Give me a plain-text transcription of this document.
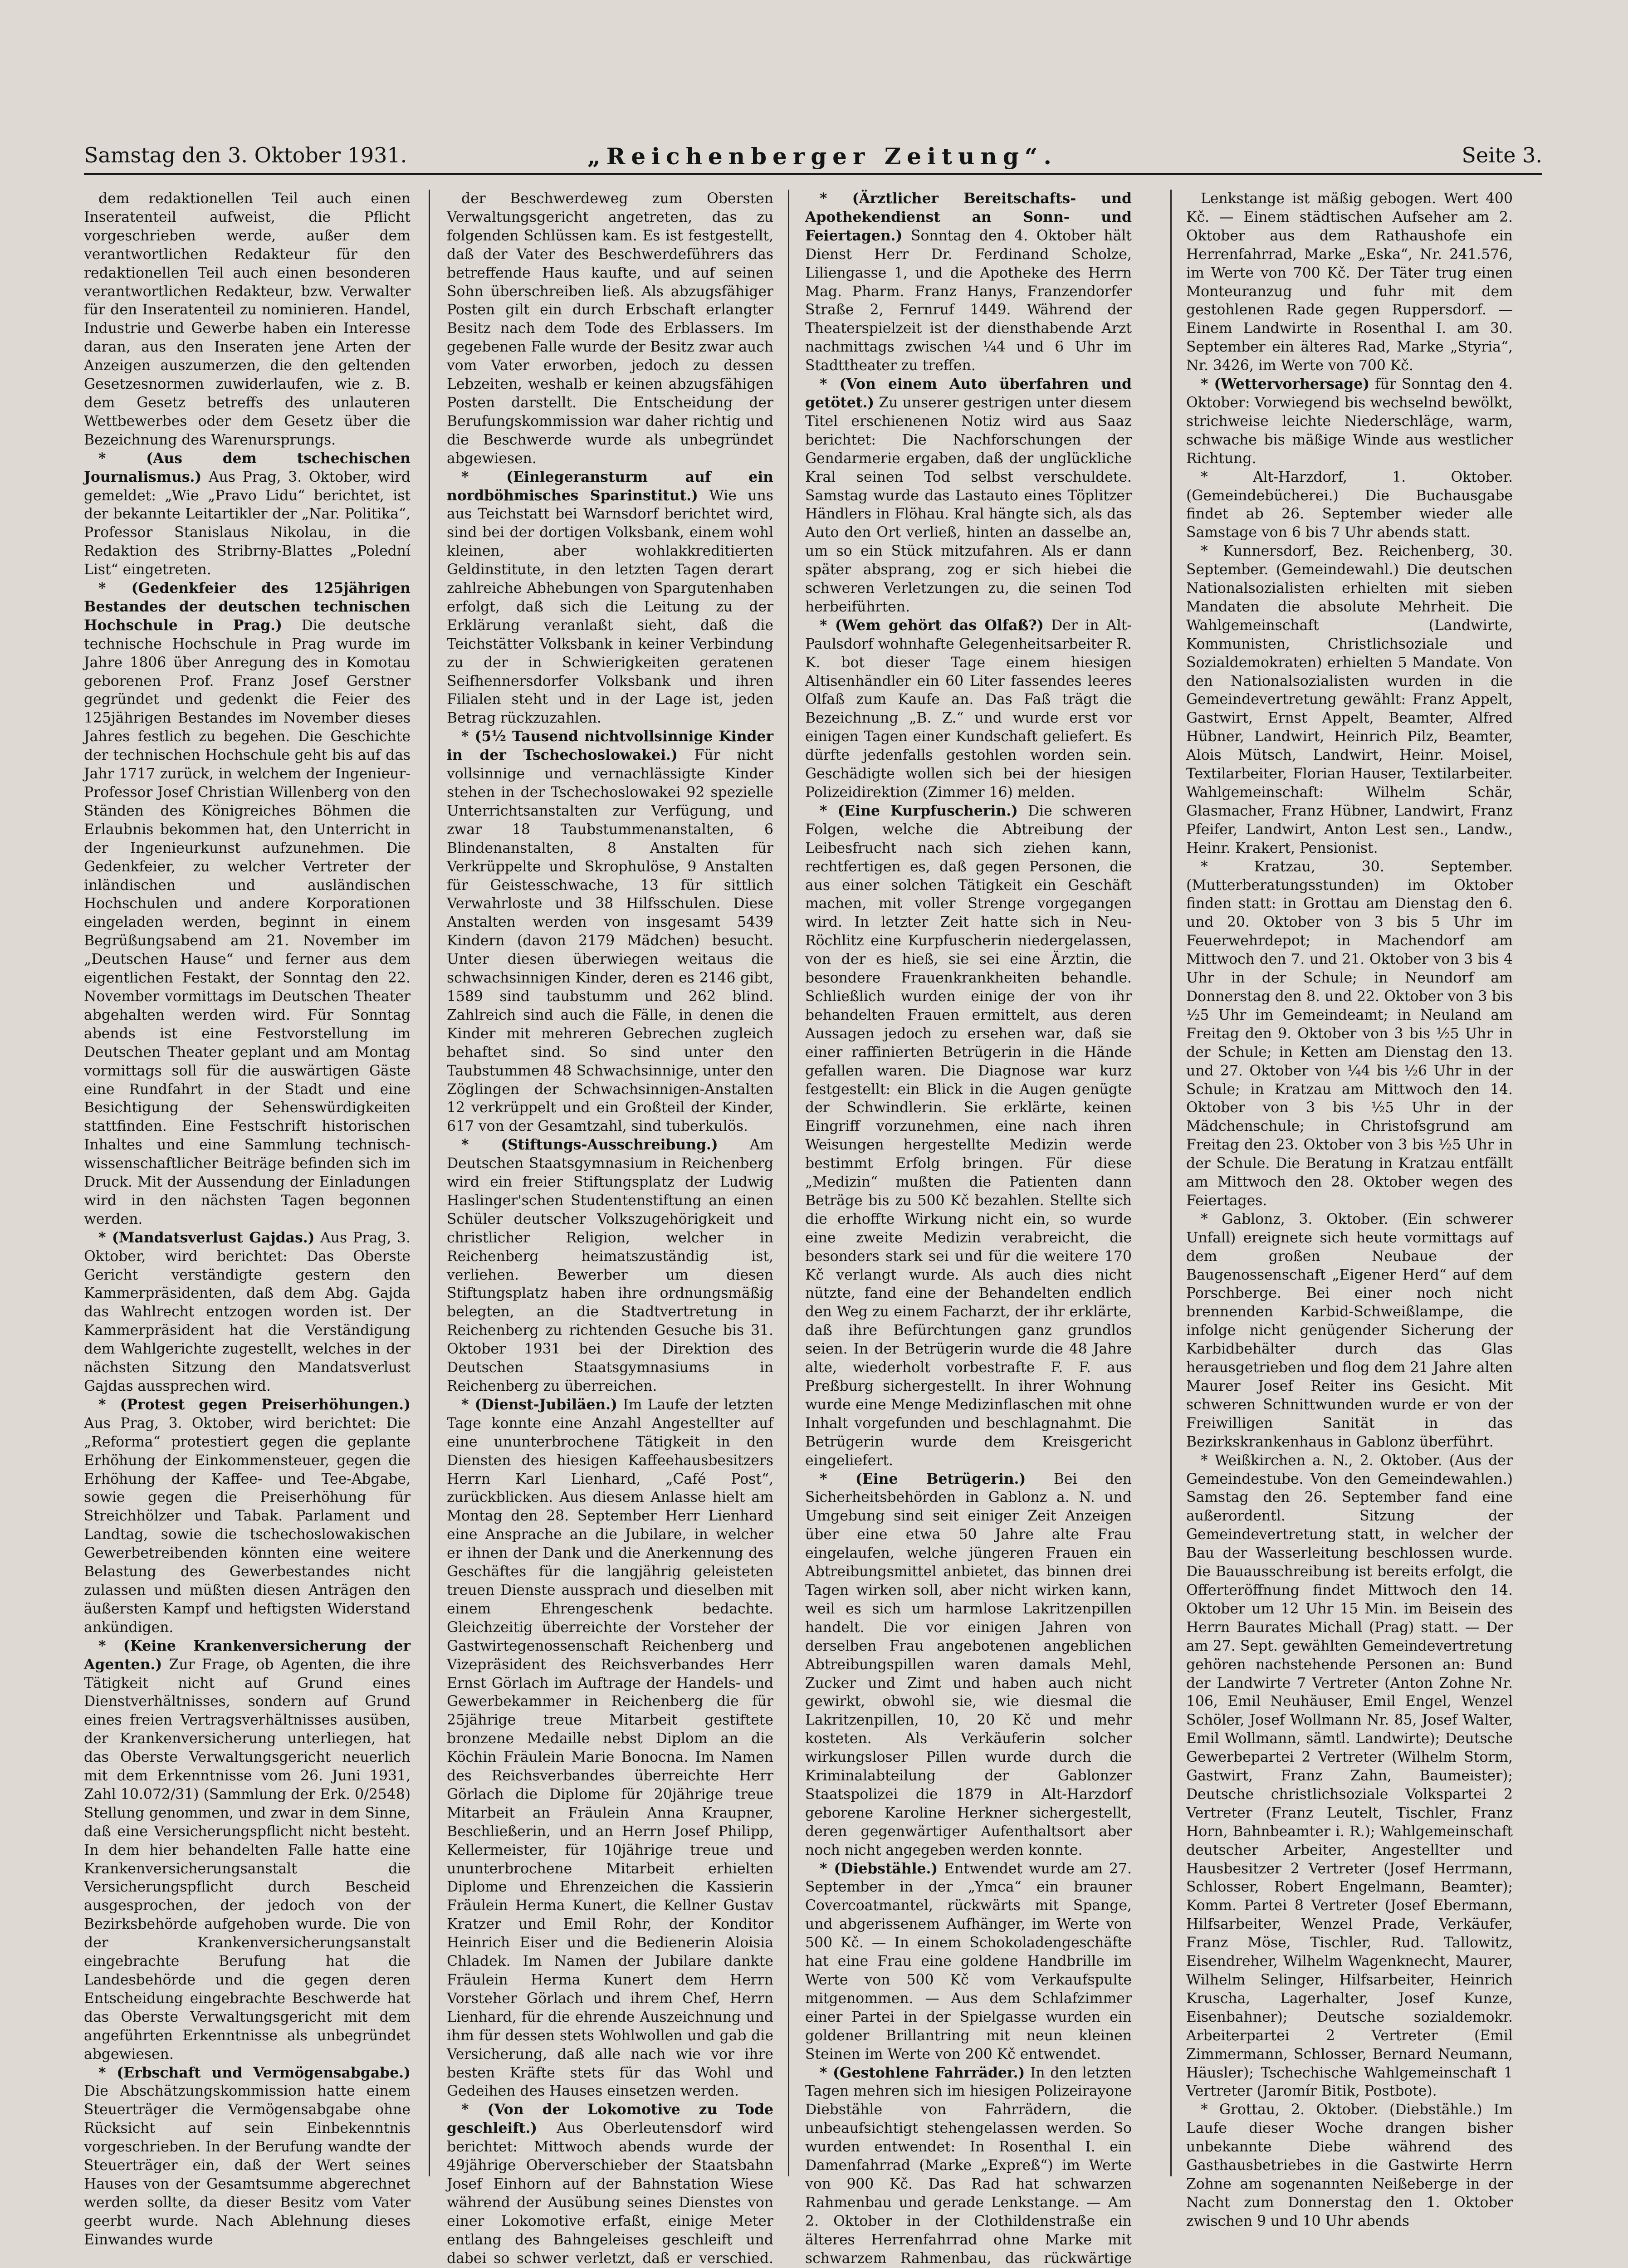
Samstag den 3. Oktober 1931.	„Reichenberger Zeitung“.	Seite 3.

dem redaktionellen Teil auch einen Inseratenteil aufweist, die Pflicht vorgeschrieben werde, außer dem verantwortlichen Redakteur für den redaktionellen Teil auch einen besonderen verantwortlichen Redakteur, bzw. Verwalter für den Inseratenteil zu nominieren. Handel, Industrie und Gewerbe haben ein Interesse daran, aus den Inseraten jene Arten der Anzeigen auszumerzen, die den geltenden Gesetzesnormen zuwiderlaufen, wie z. B. dem Gesetz betreffs des unlauteren Wettbewerbes oder dem Gesetz über die Bezeichnung des Warenursprungs.

* (Aus dem tschechischen Journalismus.) Aus Prag, 3. Oktober, wird gemeldet: „Wie „Pravo Lidu“ berichtet, ist der bekannte Leitartikler der „Nar. Politika“, Professor Stanislaus Nikolau, in die Redaktion des Stribrny-Blattes „Polední List“ eingetreten.

* (Gedenkfeier des 125jährigen Bestandes der deutschen technischen Hochschule in Prag.) Die deutsche technische Hochschule in Prag wurde im Jahre 1806 über Anregung des in Komotau geborenen Prof. Franz Josef Gerstner gegründet und gedenkt die Feier des 125jährigen Bestandes im November dieses Jahres festlich zu begehen. Die Geschichte der technischen Hochschule geht bis auf das Jahr 1717 zurück, in welchem der Ingenieur-Professor Josef Christian Willenberg von den Ständen des Königreiches Böhmen die Erlaubnis bekommen hat, den Unterricht in der Ingenieurkunst aufzunehmen. Die Gedenkfeier, zu welcher Vertreter der inländischen und ausländischen Hochschulen und andere Korporationen eingeladen werden, beginnt in einem Begrüßungsabend am 21. November im „Deutschen Hause“ und ferner aus dem eigentlichen Festakt, der Sonntag den 22. November vormittags im Deutschen Theater abgehalten werden wird. Für Sonntag abends ist eine Festvorstellung im Deutschen Theater geplant und am Montag vormittags soll für die auswärtigen Gäste eine Rundfahrt in der Stadt und eine Besichtigung der Sehenswürdigkeiten stattfinden. Eine Festschrift historischen Inhaltes und eine Sammlung technisch-wissenschaftlicher Beiträge befinden sich im Druck. Mit der Aussendung der Einladungen wird in den nächsten Tagen begonnen werden.

* (Mandatsverlust Gajdas.) Aus Prag, 3. Oktober, wird berichtet: Das Oberste Gericht verständigte gestern den Kammerpräsidenten, daß dem Abg. Gajda das Wahlrecht entzogen worden ist. Der Kammerpräsident hat die Verständigung dem Wahlgerichte zugestellt, welches in der nächsten Sitzung den Mandatsverlust Gajdas aussprechen wird.

* (Protest gegen Preiserhöhungen.) Aus Prag, 3. Oktober, wird berichtet: Die „Reforma“ protestiert gegen die geplante Erhöhung der Einkommensteuer, gegen die Erhöhung der Kaffee- und Tee-Abgabe, sowie gegen die Preiserhöhung für Streichhölzer und Tabak. Parlament und Landtag, sowie die tschechoslowakischen Gewerbetreibenden könnten eine weitere Belastung des Gewerbestandes nicht zulassen und müßten diesen Anträgen den äußersten Kampf und heftigsten Widerstand ankündigen.

* (Keine Krankenversicherung der Agenten.) Zur Frage, ob Agenten, die ihre Tätigkeit nicht auf Grund eines Dienstverhältnisses, sondern auf Grund eines freien Vertragsverhältnisses ausüben, der Krankenversicherung unterliegen, hat das Oberste Verwaltungsgericht neuerlich mit dem Erkenntnisse vom 26. Juni 1931, Zahl 10.072/31) (Sammlung der Erk. 0/2548) Stellung genommen, und zwar in dem Sinne, daß eine Versicherungspflicht nicht besteht. In dem hier behandelten Falle hatte eine Krankenversicherungsanstalt die Versicherungspflicht durch Bescheid ausgesprochen, der jedoch von der Bezirksbehörde aufgehoben wurde. Die von der Krankenversicherungsanstalt eingebrachte Berufung hat die Landesbehörde und die gegen deren Entscheidung eingebrachte Beschwerde hat das Oberste Verwaltungsgericht mit dem angeführten Erkenntnisse als unbegründet abgewiesen.

* (Erbschaft und Vermögensabgabe.) Die Abschätzungskommission hatte einem Steuerträger die Vermögensabgabe ohne Rücksicht auf sein Einbekenntnis vorgeschrieben. In der Berufung wandte der Steuerträger ein, daß der Wert seines Hauses von der Gesamtsumme abgerechnet werden sollte, da dieser Besitz vom Vater geerbt wurde. Nach Ablehnung dieses Einwandes wurde

der Beschwerdeweg zum Obersten Verwaltungsgericht angetreten, das zu folgenden Schlüssen kam. Es ist festgestellt, daß der Vater des Beschwerdeführers das betreffende Haus kaufte, und auf seinen Sohn überschreiben ließ. Als abzugsfähiger Posten gilt ein durch Erbschaft erlangter Besitz nach dem Tode des Erblassers. Im gegebenen Falle wurde der Besitz zwar auch vom Vater erworben, jedoch zu dessen Lebzeiten, weshalb er keinen abzugsfähigen Posten darstellt. Die Entscheidung der Berufungskommission war daher richtig und die Beschwerde wurde als unbegründet abgewiesen.

* (Einlegeransturm auf ein nordböhmisches Sparinstitut.) Wie uns aus Teichstatt bei Warnsdorf berichtet wird, sind bei der dortigen Volksbank, einem wohl kleinen, aber wohlakkreditierten Geldinstitute, in den letzten Tagen derart zahlreiche Abhebungen von Spargutenhaben erfolgt, daß sich die Leitung zu der Erklärung veranlaßt sieht, daß die Teichstätter Volksbank in keiner Verbindung zu der in Schwierigkeiten geratenen Seifhennersdorfer Volksbank und ihren Filialen steht und in der Lage ist, jeden Betrag rückzuzahlen.

* (5½ Tausend nichtvollsinnige Kinder in der Tschechoslowakei.) Für nicht vollsinnige und vernachlässigte Kinder stehen in der Tschechoslowakei 92 spezielle Unterrichtsanstalten zur Verfügung, und zwar 18 Taubstummenanstalten, 6 Blindenanstalten, 8 Anstalten für Verkrüppelte und Skrophulöse, 9 Anstalten für Geistesschwache, 13 für sittlich Verwahrloste und 38 Hilfsschulen. Diese Anstalten werden von insgesamt 5439 Kindern (davon 2179 Mädchen) besucht. Unter diesen überwiegen weitaus die schwachsinnigen Kinder, deren es 2146 gibt, 1589 sind taubstumm und 262 blind. Zahlreich sind auch die Fälle, in denen die Kinder mit mehreren Gebrechen zugleich behaftet sind. So sind unter den Taubstummen 48 Schwachsinnige, unter den Zöglingen der Schwachsinnigen-Anstalten 12 verkrüppelt und ein Großteil der Kinder, 617 von der Gesamtzahl, sind tuberkulös.

* (Stiftungs-Ausschreibung.) Am Deutschen Staatsgymnasium in Reichenberg wird ein freier Stiftungsplatz der Ludwig Haslinger'schen Studentenstiftung an einen Schüler deutscher Volkszugehörigkeit und christlicher Religion, welcher in Reichenberg heimatszuständig ist, verliehen. Bewerber um diesen Stiftungsplatz haben ihre ordnungsmäßig belegten, an die Stadtvertretung in Reichenberg zu richtenden Gesuche bis 31. Oktober 1931 bei der Direktion des Deutschen Staatsgymnasiums in Reichenberg zu überreichen.

* (Dienst-Jubiläen.) Im Laufe der letzten Tage konnte eine Anzahl Angestellter auf eine ununterbrochene Tätigkeit in den Diensten des hiesigen Kaffeehausbesitzers Herrn Karl Lienhard, „Café Post“, zurückblicken. Aus diesem Anlasse hielt am Montag den 28. September Herr Lienhard eine Ansprache an die Jubilare, in welcher er ihnen der Dank und die Anerkennung des Geschäftes für die langjährig geleisteten treuen Dienste aussprach und dieselben mit einem Ehrengeschenk bedachte. Gleichzeitig überreichte der Vorsteher der Gastwirtegenossenschaft Reichenberg und Vizepräsident des Reichsverbandes Herr Ernst Görlach im Auftrage der Handels- und Gewerbekammer in Reichenberg die für 25jährige treue Mitarbeit gestiftete bronzene Medaille nebst Diplom an die Köchin Fräulein Marie Bonocna. Im Namen des Reichsverbandes überreichte Herr Görlach die Diplome für 20jährige treue Mitarbeit an Fräulein Anna Kraupner, Beschließerin, und an Herrn Josef Philipp, Kellermeister, für 10jährige treue und ununterbrochene Mitarbeit erhielten Diplome und Ehrenzeichen die Kassierin Fräulein Herma Kunert, die Kellner Gustav Kratzer und Emil Rohr, der Konditor Heinrich Eiser und die Bedienerin Aloisia Chladek. Im Namen der Jubilare dankte Fräulein Herma Kunert dem Herrn Vorsteher Görlach und ihrem Chef, Herrn Lienhard, für die ehrende Auszeichnung und ihm für dessen stets Wohlwollen und gab die Versicherung, daß alle nach wie vor ihre besten Kräfte stets für das Wohl und Gedeihen des Hauses einsetzen werden.

* (Von der Lokomotive zu Tode geschleift.) Aus Oberleutensdorf wird berichtet: Mittwoch abends wurde der 49jährige Oberverschieber der Staatsbahn Josef Einhorn auf der Bahnstation Wiese während der Ausübung seines Dienstes von einer Lokomotive erfaßt, einige Meter entlang des Bahngeleises geschleift und dabei so schwer verletzt, daß er verschied.

* (Ärztlicher Bereitschafts- und Apothekendienst an Sonn- und Feiertagen.) Sonntag den 4. Oktober hält Dienst Herr Dr. Ferdinand Scholze, Liliengasse 1, und die Apotheke des Herrn Mag. Pharm. Franz Hanys, Franzendorfer Straße 2, Fernruf 1449. Während der Theaterspielzeit ist der diensthabende Arzt nachmittags zwischen ¼4 und 6 Uhr im Stadttheater zu treffen.

* (Von einem Auto überfahren und getötet.) Zu unserer gestrigen unter diesem Titel erschienenen Notiz wird aus Saaz berichtet: Die Nachforschungen der Gendarmerie ergaben, daß der unglückliche Kral seinen Tod selbst verschuldete. Samstag wurde das Lastauto eines Töplitzer Händlers in Flöhau. Kral hängte sich, als das Auto den Ort verließ, hinten an dasselbe an, um so ein Stück mitzufahren. Als er dann später absprang, zog er sich hiebei die schweren Verletzungen zu, die seinen Tod herbeiführten.

* (Wem gehört das Olfaß?) Der in Alt-Paulsdorf wohnhafte Gelegenheitsarbeiter R. K. bot dieser Tage einem hiesigen Altisenhändler ein 60 Liter fassendes leeres Olfaß zum Kaufe an. Das Faß trägt die Bezeichnung „B. Z.“ und wurde erst vor einigen Tagen einer Kundschaft geliefert. Es dürfte jedenfalls gestohlen worden sein. Geschädigte wollen sich bei der hiesigen Polizeidirektion (Zimmer 16) melden.

* (Eine Kurpfuscherin.) Die schweren Folgen, welche die Abtreibung der Leibesfrucht nach sich ziehen kann, rechtfertigen es, daß gegen Personen, die aus einer solchen Tätigkeit ein Geschäft machen, mit voller Strenge vorgegangen wird. In letzter Zeit hatte sich in Neu-Röchlitz eine Kurpfuscherin niedergelassen, von der es hieß, sie sei eine Ärztin, die besondere Frauenkrankheiten behandle. Schließlich wurden einige der von ihr behandelten Frauen ermittelt, aus deren Aussagen jedoch zu ersehen war, daß sie einer raffinierten Betrügerin in die Hände gefallen waren. Die Diagnose war kurz festgestellt: ein Blick in die Augen genügte der Schwindlerin. Sie erklärte, keinen Eingriff vorzunehmen, eine nach ihren Weisungen hergestellte Medizin werde bestimmt Erfolg bringen. Für diese „Medizin“ mußten die Patienten dann Beträge bis zu 500 Kč bezahlen. Stellte sich die erhoffte Wirkung nicht ein, so wurde eine zweite Medizin verabreicht, die besonders stark sei und für die weitere 170 Kč verlangt wurde. Als auch dies nicht nützte, fand eine der Behandelten endlich den Weg zu einem Facharzt, der ihr erklärte, daß ihre Befürchtungen ganz grundlos seien. In der Betrügerin wurde die 48 Jahre alte, wiederholt vorbestrafte F. F. aus Preßburg sichergestellt. In ihrer Wohnung wurde eine Menge Medizinflaschen mit ohne Inhalt vorgefunden und beschlagnahmt. Die Betrügerin wurde dem Kreisgericht eingeliefert.

* (Eine Betrügerin.) Bei den Sicherheitsbehörden in Gablonz a. N. und Umgebung sind seit einiger Zeit Anzeigen über eine etwa 50 Jahre alte Frau eingelaufen, welche jüngeren Frauen ein Abtreibungsmittel anbietet, das binnen drei Tagen wirken soll, aber nicht wirken kann, weil es sich um harmlose Lakritzenpillen handelt. Die vor einigen Jahren von derselben Frau angebotenen angeblichen Abtreibungspillen waren damals Mehl, Zucker und Zimt und haben auch nicht gewirkt, obwohl sie, wie diesmal die Lakritzenpillen, 10, 20 Kč und mehr kosteten. Als Verkäuferin solcher wirkungsloser Pillen wurde durch die Kriminalabteilung der Gablonzer Staatspolizei die 1879 in Alt-Harzdorf geborene Karoline Herkner sichergestellt, deren gegenwärtiger Aufenthaltsort aber noch nicht angegeben werden konnte.

* (Diebstähle.) Entwendet wurde am 27. September in der „Ymca“ ein brauner Covercoatmantel, rückwärts mit Spange, und abgerissenem Aufhänger, im Werte von 500 Kč. — In einem Schokoladengeschäfte hat eine Frau eine goldene Handbrille im Werte von 500 Kč vom Verkaufspulte mitgenommen. — Aus dem Schlafzimmer einer Partei in der Spielgasse wurden ein goldener Brillantring mit neun kleinen Steinen im Werte von 200 Kč entwendet.

* (Gestohlene Fahrräder.) In den letzten Tagen mehren sich im hiesigen Polizeirayone Diebstähle von Fahrrädern, die unbeaufsichtigt stehengelassen werden. So wurden entwendet: In Rosenthal I. ein Damenfahrrad (Marke „Expreß“) im Werte von 900 Kč. Das Rad hat schwarzen Rahmenbau und gerade Lenkstange. — Am 2. Oktober in der Clothildenstraße ein älteres Herrenfahrrad ohne Marke mit schwarzem Rahmenbau, das rückwärtige

Lenkstange ist mäßig gebogen. Wert 400 Kč. — Einem städtischen Aufseher am 2. Oktober aus dem Rathaushofe ein Herrenfahrrad, Marke „Eska“, Nr. 241.576, im Werte von 700 Kč. Der Täter trug einen Monteuranzug und fuhr mit dem gestohlenen Rade gegen Ruppersdorf. — Einem Landwirte in Rosenthal I. am 30. September ein älteres Rad, Marke „Styria“, Nr. 3426, im Werte von 700 Kč.

* (Wettervorhersage) für Sonntag den 4. Oktober: Vorwiegend bis wechselnd bewölkt, strichweise leichte Niederschläge, warm, schwache bis mäßige Winde aus westlicher Richtung.

* Alt-Harzdorf, 1. Oktober. (Gemeindebücherei.) Die Buchausgabe findet ab 26. September wieder alle Samstage von 6 bis 7 Uhr abends statt.

* Kunnersdorf, Bez. Reichenberg, 30. September. (Gemeindewahl.) Die deutschen Nationalsozialisten erhielten mit sieben Mandaten die absolute Mehrheit. Die Wahlgemeinschaft (Landwirte, Kommunisten, Christlichsoziale und Sozialdemokraten) erhielten 5 Mandate. Von den Nationalsozialisten wurden in die Gemeindevertretung gewählt: Franz Appelt, Gastwirt, Ernst Appelt, Beamter, Alfred Hübner, Landwirt, Heinrich Pilz, Beamter, Alois Mütsch, Landwirt, Heinr. Moisel, Textilarbeiter, Florian Hauser, Textilarbeiter. Wahlgemeinschaft: Wilhelm Schär, Glasmacher, Franz Hübner, Landwirt, Franz Pfeifer, Landwirt, Anton Lest sen., Landw., Heinr. Krakert, Pensionist.

* Kratzau, 30. September. (Mutterberatungsstunden) im Oktober finden statt: in Grottau am Dienstag den 6. und 20. Oktober von 3 bis 5 Uhr im Feuerwehrdepot; in Machendorf am Mittwoch den 7. und 21. Oktober von 3 bis 4 Uhr in der Schule; in Neundorf am Donnerstag den 8. und 22. Oktober von 3 bis ½5 Uhr im Gemeindeamt; in Neuland am Freitag den 9. Oktober von 3 bis ½5 Uhr in der Schule; in Ketten am Dienstag den 13. und 27. Oktober von ¼4 bis ½6 Uhr in der Schule; in Kratzau am Mittwoch den 14. Oktober von 3 bis ½5 Uhr in der Mädchenschule; in Christofsgrund am Freitag den 23. Oktober von 3 bis ½5 Uhr in der Schule. Die Beratung in Kratzau entfällt am Mittwoch den 28. Oktober wegen des Feiertages.

* Gablonz, 3. Oktober. (Ein schwerer Unfall) ereignete sich heute vormittags auf dem großen Neubaue der Baugenossenschaft „Eigener Herd“ auf dem Porschberge. Bei einer noch nicht brennenden Karbid-Schweißlampe, die infolge nicht genügender Sicherung der Karbidbehälter durch das Glas herausgetrieben und flog dem 21 Jahre alten Maurer Josef Reiter ins Gesicht. Mit schweren Schnittwunden wurde er von der Freiwilligen Sanität in das Bezirkskrankenhaus in Gablonz überführt.

* Weißkirchen a. N., 2. Oktober. (Aus der Gemeindestube. Von den Gemeindewahlen.) Samstag den 26. September fand eine außerordentl. Sitzung der Gemeindevertretung statt, in welcher der Bau der Wasserleitung beschlossen wurde. Die Bauausschreibung ist bereits erfolgt, die Offerteröffnung findet Mittwoch den 14. Oktober um 12 Uhr 15 Min. im Beisein des Herrn Baurates Michall (Prag) statt. — Der am 27. Sept. gewählten Gemeindevertretung gehören nachstehende Personen an: Bund der Landwirte 7 Vertreter (Anton Zohne Nr. 106, Emil Neuhäuser, Emil Engel, Wenzel Schöler, Josef Wollmann Nr. 85, Josef Walter, Emil Wollmann, sämtl. Landwirte); Deutsche Gewerbepartei 2 Vertreter (Wilhelm Storm, Gastwirt, Franz Zahn, Baumeister); Deutsche christlichsoziale Volkspartei 2 Vertreter (Franz Leutelt, Tischler, Franz Horn, Bahnbeamter i. R.); Wahlgemeinschaft deutscher Arbeiter, Angestellter und Hausbesitzer 2 Vertreter (Josef Herrmann, Schlosser, Robert Engelmann, Beamter); Komm. Partei 8 Vertreter (Josef Ebermann, Hilfsarbeiter, Wenzel Prade, Verkäufer, Franz Möse, Tischler, Rud. Tallowitz, Eisendreher, Wilhelm Wagenknecht, Maurer, Wilhelm Selinger, Hilfsarbeiter, Heinrich Kruscha, Lagerhalter, Josef Kunze, Eisenbahner); Deutsche sozialdemokr. Arbeiterpartei 2 Vertreter (Emil Zimmermann, Schlosser, Bernard Neumann, Häusler); Tschechische Wahlgemeinschaft 1 Vertreter (Jaromír Bitik, Postbote).

* Grottau, 2. Oktober. (Diebstähle.) Im Laufe dieser Woche drangen bisher unbekannte Diebe während des Gasthausbetriebes in die Gastwirte Herrn Zohne am sogenannten Neißeberge in der Nacht zum Donnerstag den 1. Oktober zwischen 9 und 10 Uhr abends
